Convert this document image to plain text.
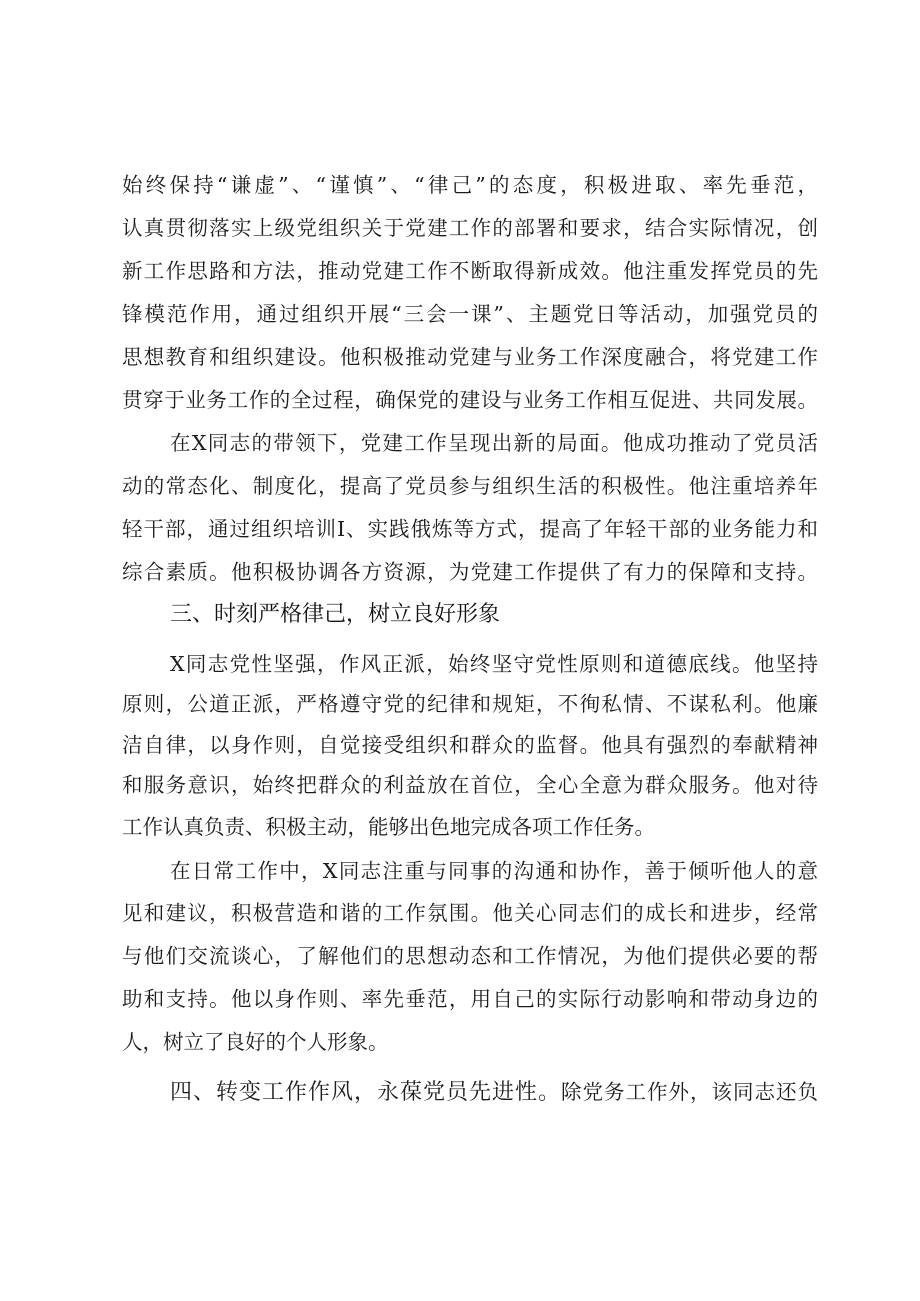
始终保持“谦虚”、“谨慎”、“律己”的态度，积极进取、率先垂范，
认真贯彻落实上级党组织关于党建工作的部署和要求，结合实际情况，创
新工作思路和方法，推动党建工作不断取得新成效。他注重发挥党员的先
锋模范作用，通过组织开展“三会一课”、主题党日等活动，加强党员的
思想教育和组织建设。他积极推动党建与业务工作深度融合，将党建工作
贯穿于业务工作的全过程，确保党的建设与业务工作相互促进、共同发展。
在X同志的带领下，党建工作呈现出新的局面。他成功推动了党员活
动的常态化、制度化，提高了党员参与组织生活的积极性。他注重培养年
轻干部，通过组织培训I、实践俄炼等方式，提高了年轻干部的业务能力和
综合素质。他积极协调各方资源，为党建工作提供了有力的保障和支持。
三、时刻严格律己，树立良好形象
X同志党性坚强，作风正派，始终坚守党性原则和道德底线。他坚持
原则，公道正派，严格遵守党的纪律和规矩，不徇私情、不谋私利。他廉
洁自律，以身作则，自觉接受组织和群众的监督。他具有强烈的奉献精神
和服务意识，始终把群众的利益放在首位，全心全意为群众服务。他对待
工作认真负责、积极主动，能够出色地完成各项工作任务。
在日常工作中，X同志注重与同事的沟通和协作，善于倾听他人的意
见和建议，积极营造和谐的工作氛围。他关心同志们的成长和进步，经常
与他们交流谈心，了解他们的思想动态和工作情况，为他们提供必要的帮
助和支持。他以身作则、率先垂范，用自己的实际行动影响和带动身边的
人，树立了良好的个人形象。
四、转变工作作风，永葆党员先进性。除党务工作外，该同志还负
